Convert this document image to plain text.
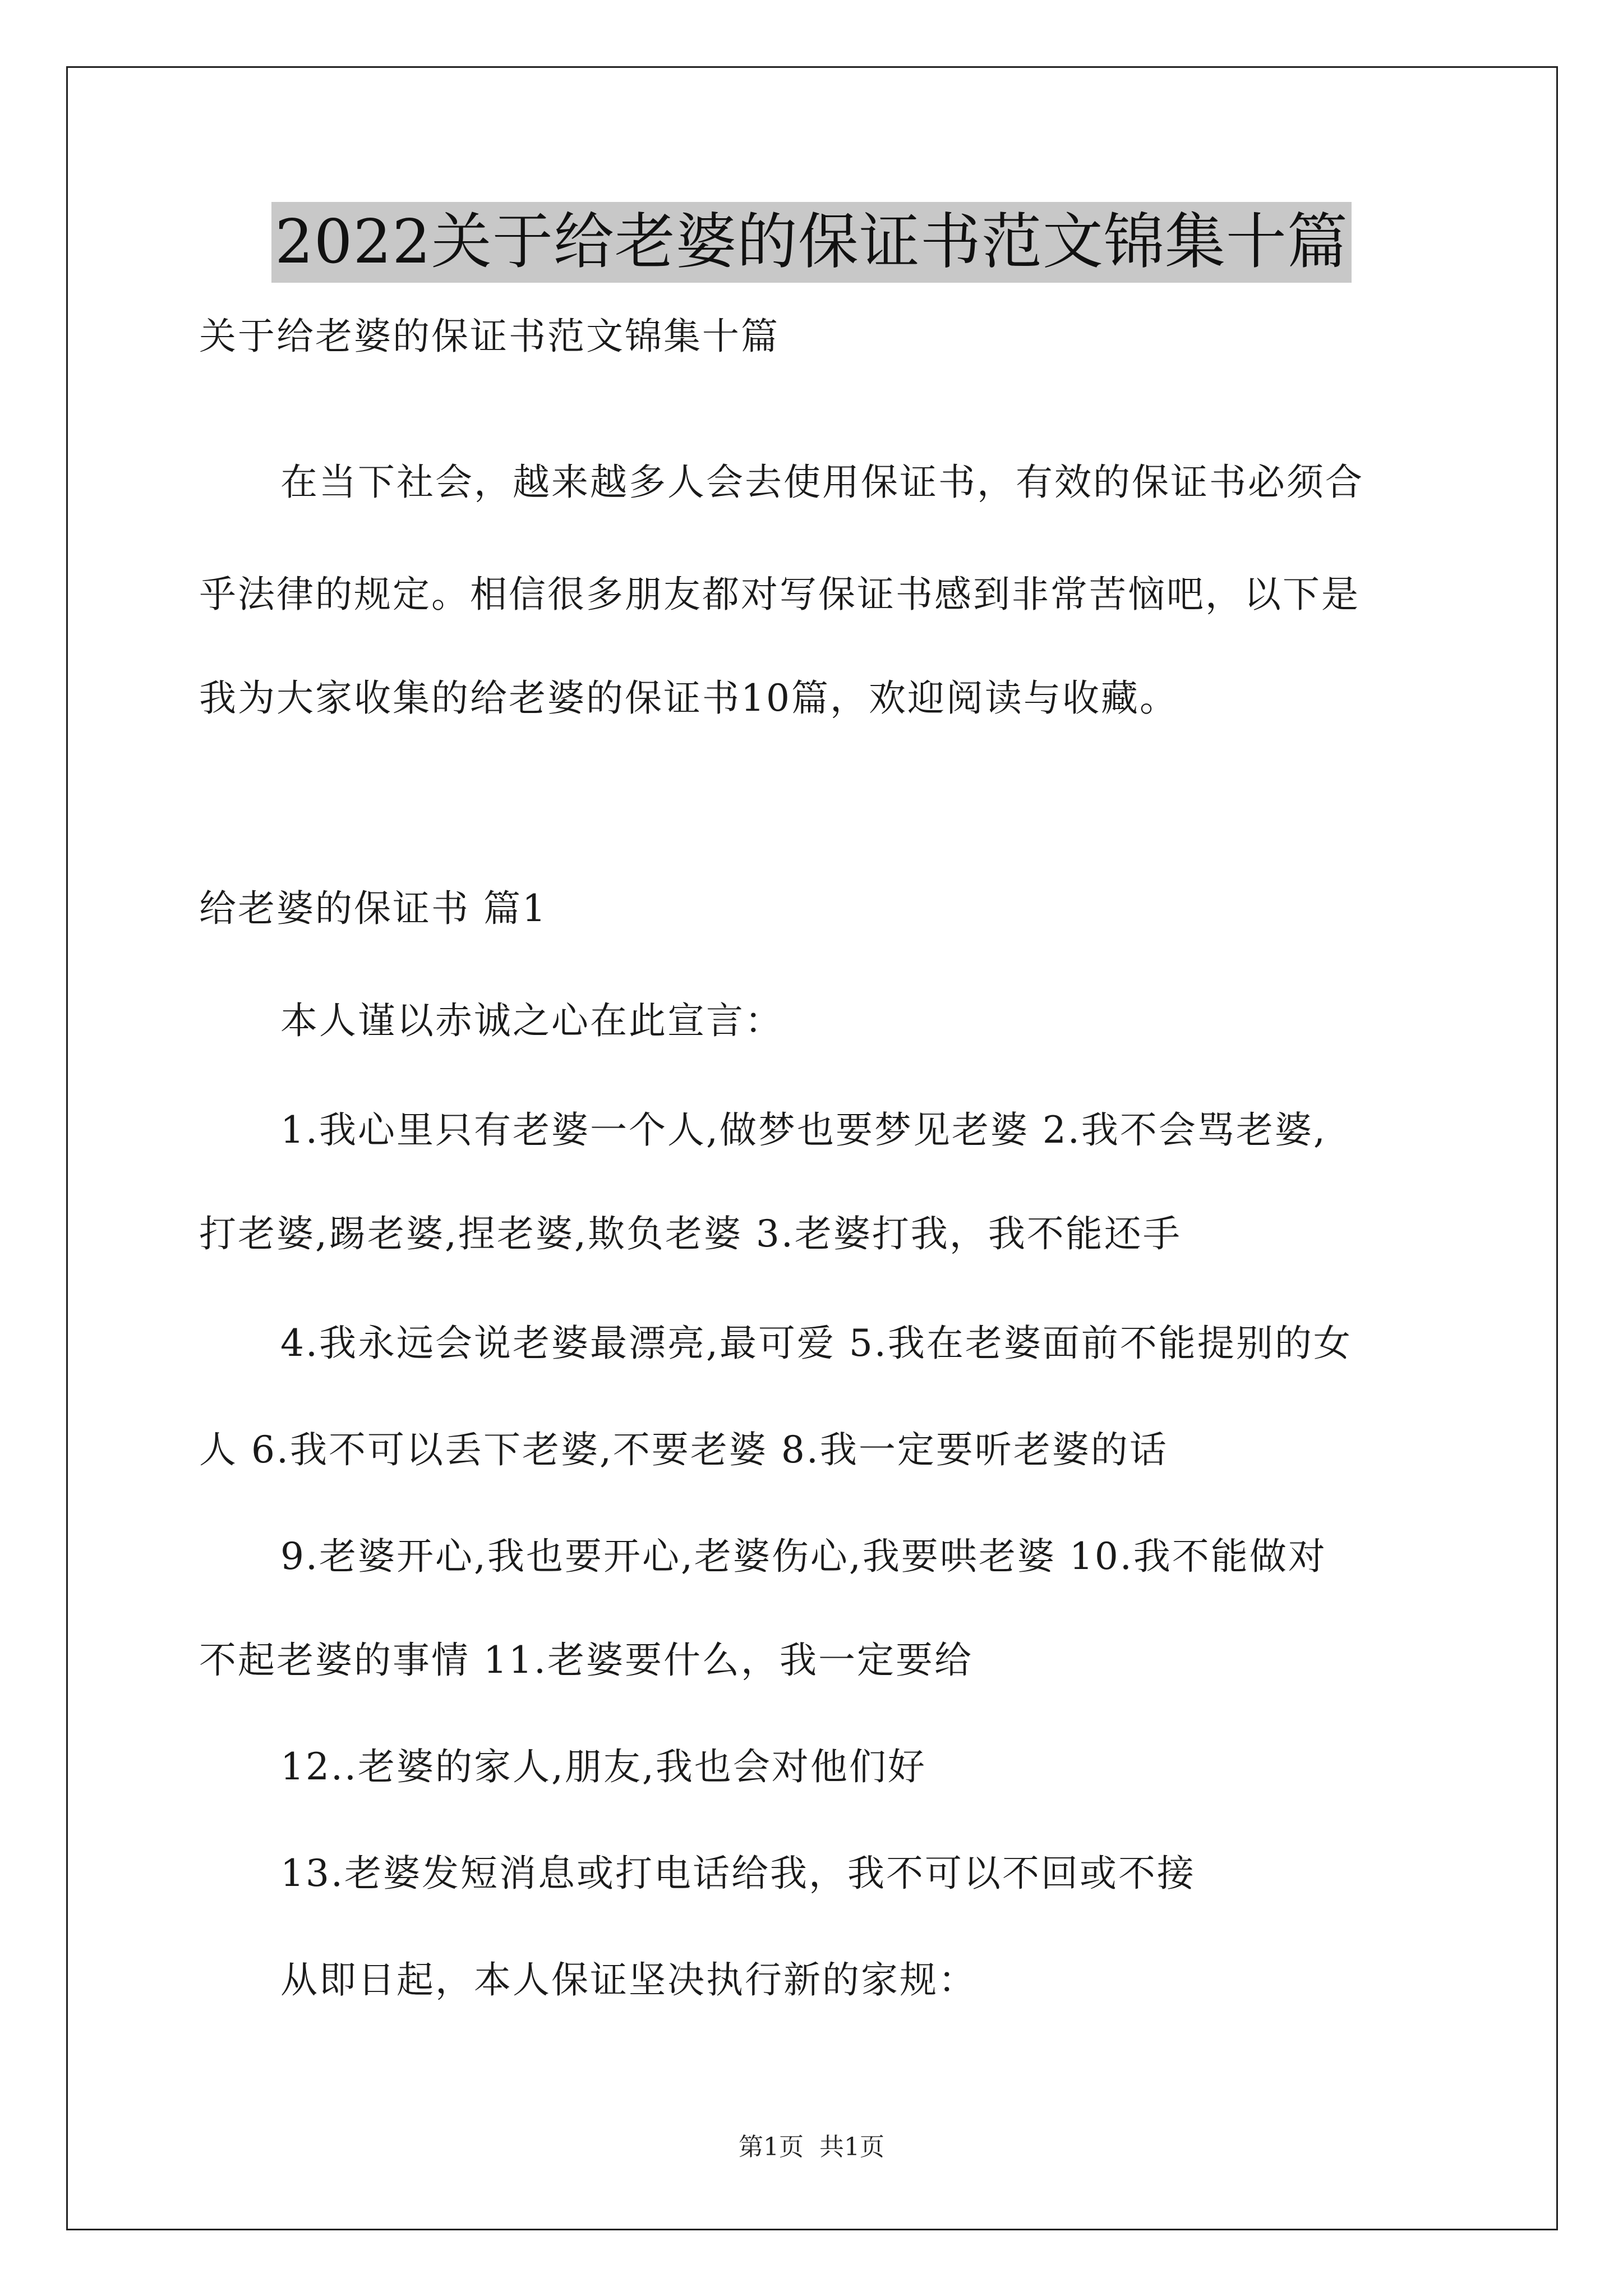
2022关于给老婆的保证书范文锦集十篇
关于给老婆的保证书范文锦集十篇
在当下社会，越来越多人会去使用保证书，有效的保证书必须合
乎法律的规定。相信很多朋友都对写保证书感到非常苦恼吧，以下是
我为大家收集的给老婆的保证书10篇，欢迎阅读与收藏。
给老婆的保证书 篇1
本人谨以赤诚之心在此宣言：
1.我心里只有老婆一个人,做梦也要梦见老婆 2.我不会骂老婆,
打老婆,踢老婆,捏老婆,欺负老婆 3.老婆打我，我不能还手
4.我永远会说老婆最漂亮,最可爱 5.我在老婆面前不能提别的女
人 6.我不可以丢下老婆,不要老婆 8.我一定要听老婆的话
9.老婆开心,我也要开心,老婆伤心,我要哄老婆 10.我不能做对
不起老婆的事情 11.老婆要什么，我一定要给
12..老婆的家人,朋友,我也会对他们好
13.老婆发短消息或打电话给我，我不可以不回或不接
从即日起，本人保证坚决执行新的家规：
第1页 共1页
